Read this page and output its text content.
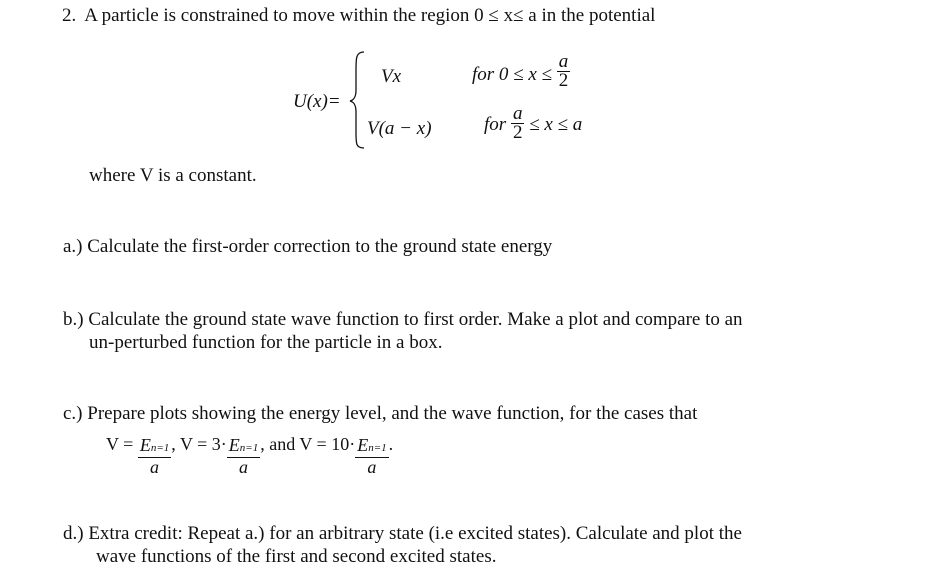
2. A particle is constrained to move within the region 0 ≤ x≤ a in the potential
U(x)=
Vx	for $0 \le x \le \frac{a}{2}$
V(a − x)	for $\frac{a}{2} \le x \le a$
where V is a constant.
a.) Calculate the first-order correction to the ground state energy
b.) Calculate the ground state wave function to first order. Make a plot and compare to an
un-perturbed function for the particle in a box.
c.) Prepare plots showing the energy level, and the wave function, for the cases that
$V = \frac{En=1}{a}$ , $V = 3\cdot \frac{En=1}{a}$ , and $V = 10\cdot \frac{En=1}{a}$ .
d.) Extra credit: Repeat a.) for an arbitrary state (i.e excited states). Calculate and plot the
wave functions of the first and second excited states.
